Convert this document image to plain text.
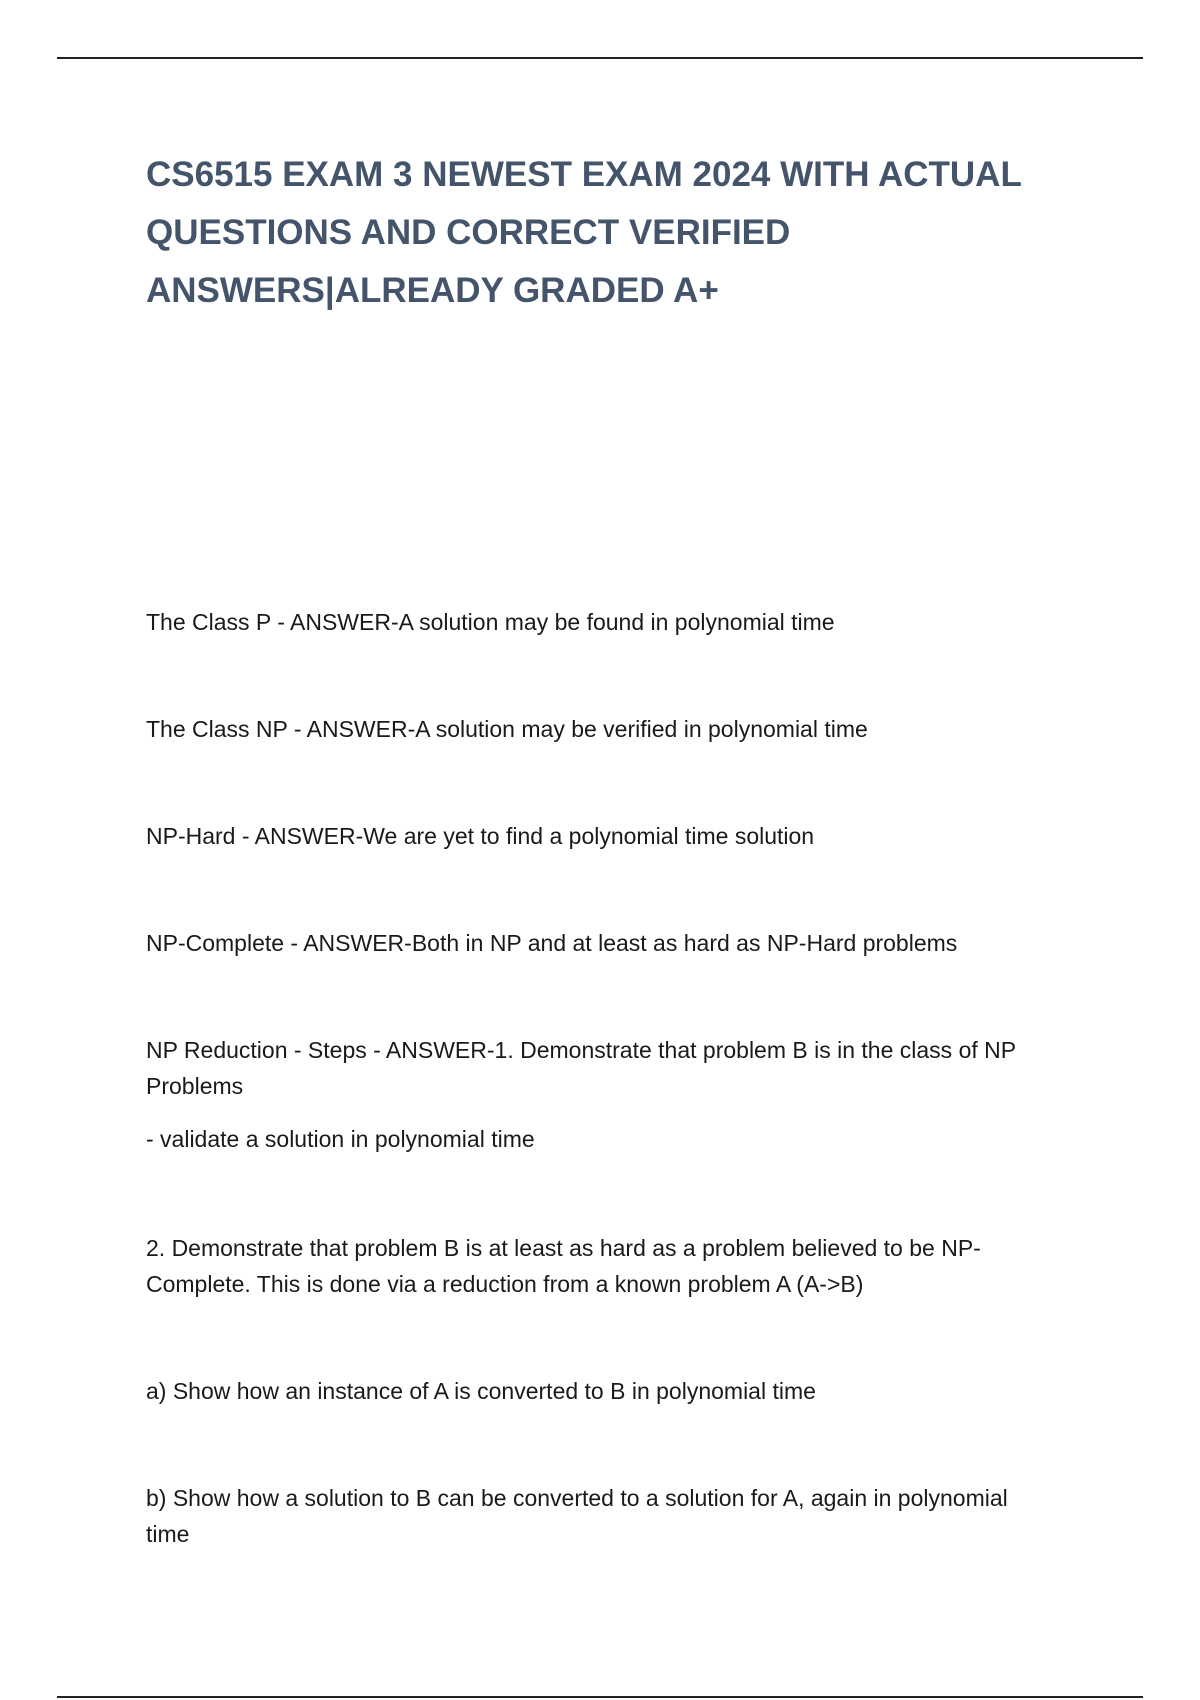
CS6515 EXAM 3 NEWEST EXAM 2024 WITH ACTUAL QUESTIONS AND CORRECT VERIFIED ANSWERS|ALREADY GRADED A+

The Class P - ANSWER-A solution may be found in polynomial time

The Class NP - ANSWER-A solution may be verified in polynomial time

NP-Hard - ANSWER-We are yet to find a polynomial time solution

NP-Complete - ANSWER-Both in NP and at least as hard as NP-Hard problems

NP Reduction - Steps - ANSWER-1. Demonstrate that problem B is in the class of NP Problems

- validate a solution in polynomial time

2. Demonstrate that problem B is at least as hard as a problem believed to be NP-Complete. This is done via a reduction from a known problem A (A->B)

a) Show how an instance of A is converted to B in polynomial time

b) Show how a solution to B can be converted to a solution for A, again in polynomial time
